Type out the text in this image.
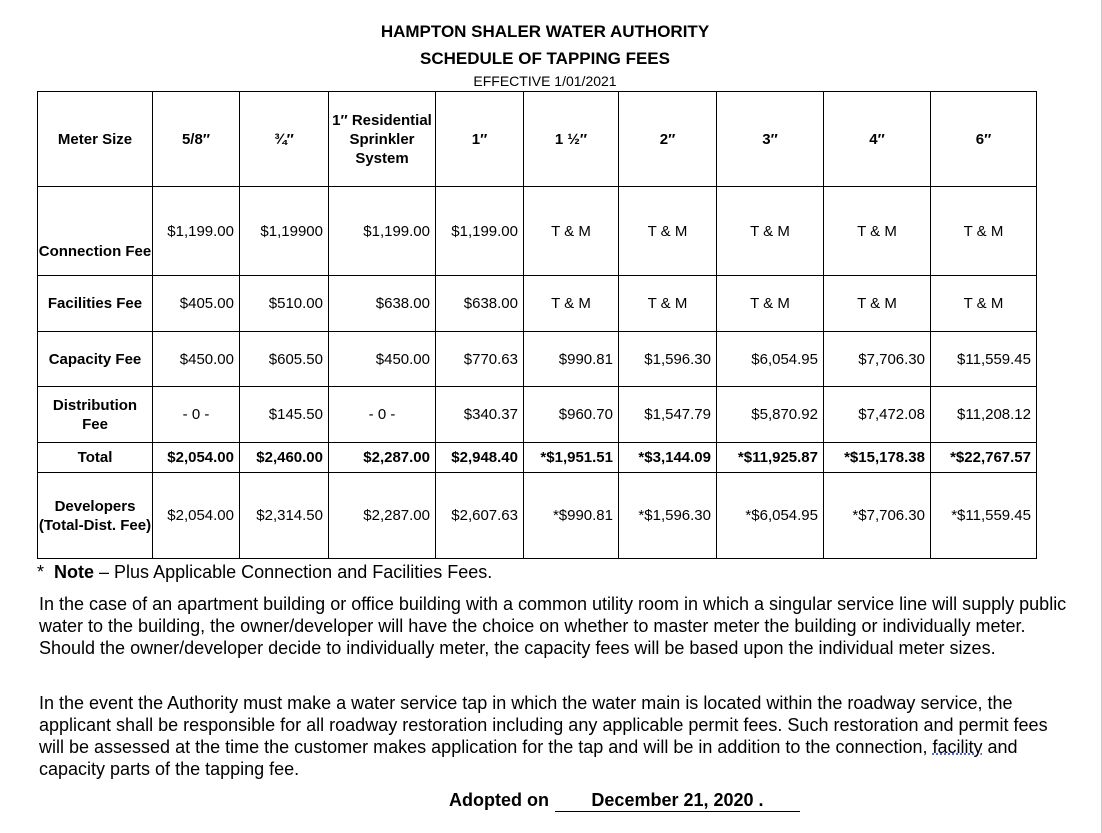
HAMPTON SHALER WATER AUTHORITY
SCHEDULE OF TAPPING FEES
EFFECTIVE 1/01/2021
Meter Size	5/8″	¾″	1″ Residential Sprinkler System	1″	1 ½″	2″	3″	4″	6″
Connection Fee	$1,199.00	$1,19900	$1,199.00	$1,199.00	T & M	T & M	T & M	T & M	T & M
Facilities Fee	$405.00	$510.00	$638.00	$638.00	T & M	T & M	T & M	T & M	T & M
Capacity Fee	$450.00	$605.50	$450.00	$770.63	$990.81	$1,596.30	$6,054.95	$7,706.30	$11,559.45
Distribution Fee	- 0 -	$145.50	- 0 -	$340.37	$960.70	$1,547.79	$5,870.92	$7,472.08	$11,208.12
Total	$2,054.00	$2,460.00	$2,287.00	$2,948.40	*$1,951.51	*$3,144.09	*$11,925.87	*$15,178.38	*$22,767.57
Developers (Total-Dist. Fee)	$2,054.00	$2,314.50	$2,287.00	$2,607.63	*$990.81	*$1,596.30	*$6,054.95	*$7,706.30	*$11,559.45
* Note – Plus Applicable Connection and Facilities Fees.
In the case of an apartment building or office building with a common utility room in which a singular service line will supply public water to the building, the owner/developer will have the choice on whether to master meter the building or individually meter. Should the owner/developer decide to individually meter, the capacity fees will be based upon the individual meter sizes.
In the event the Authority must make a water service tap in which the water main is located within the roadway service, the applicant shall be responsible for all roadway restoration including any applicable permit fees. Such restoration and permit fees will be assessed at the time the customer makes application for the tap and will be in addition to the connection, facility and capacity parts of the tapping fee.
Adopted on December 21, 2020 .
